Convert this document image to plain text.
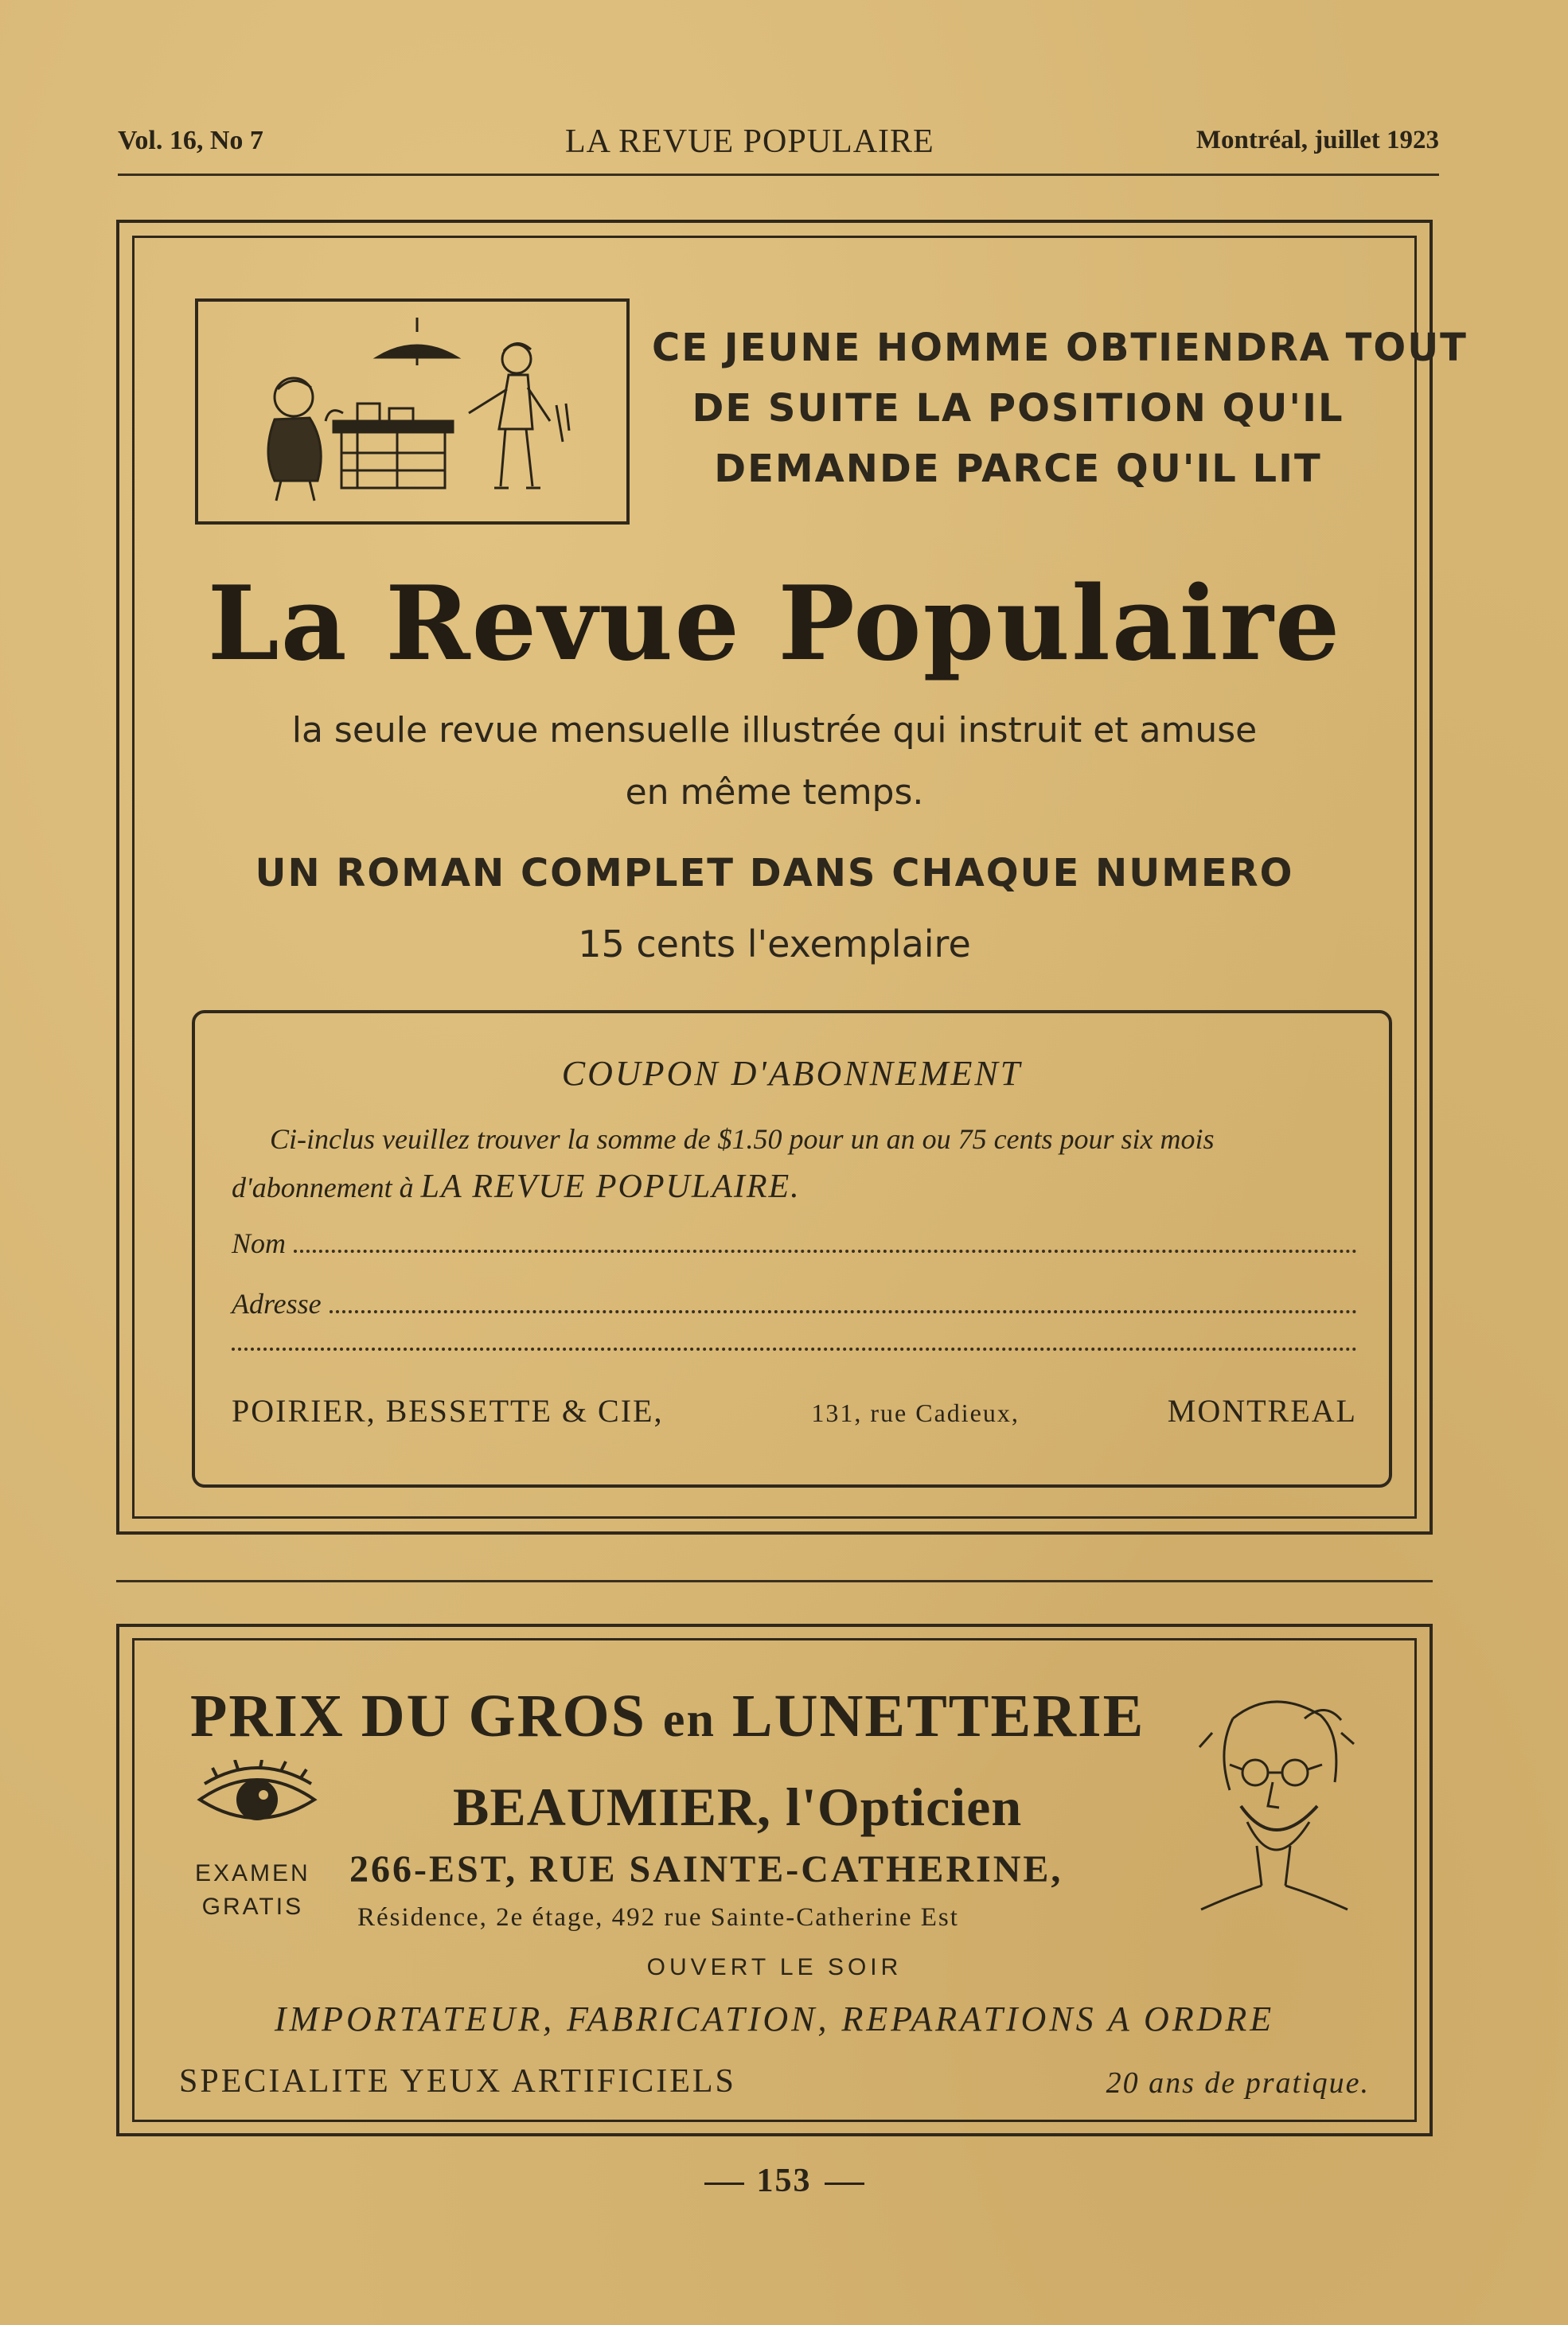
Vol. 16, No 7	LA REVUE POPULAIRE	Montréal, juillet 1923
CE JEUNE HOMME OBTIENDRA TOUT
DE SUITE LA POSITION QU'IL
DEMANDE PARCE QU'IL LIT
La Revue Populaire
la seule revue mensuelle illustrée qui instruit et amuse
en même temps.
UN ROMAN COMPLET DANS CHAQUE NUMERO
15 cents l'exemplaire
COUPON D'ABONNEMENT
Ci-inclus veuillez trouver la somme de $1.50 pour un an ou 75 cents pour six mois d'abonnement à LA REVUE POPULAIRE.
Nom
Adresse
POIRIER, BESSETTE & CIE,	131, rue Cadieux,	MONTREAL
PRIX DU GROS en LUNETTERIE
BEAUMIER, l'Opticien
EXAMEN
GRATIS
266-EST, RUE SAINTE-CATHERINE,
Résidence, 2e étage, 492 rue Sainte-Catherine Est
OUVERT LE SOIR
IMPORTATEUR, FABRICATION, REPARATIONS A ORDRE
SPECIALITE YEUX ARTIFICIELS	20 ans de pratique.
153
